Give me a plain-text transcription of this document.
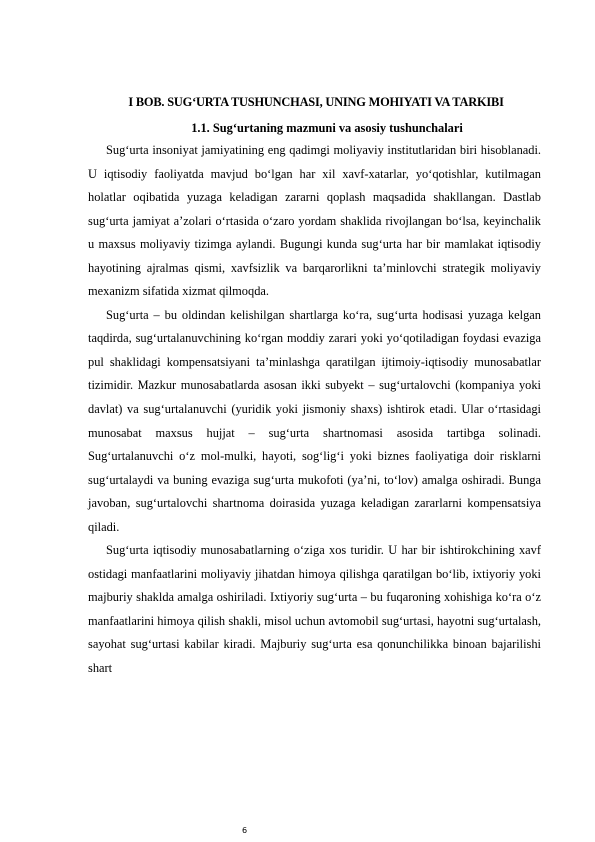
I BOB. SUG‘URTA TUSHUNCHASI, UNING MOHIYATI VA TARKIBI
1.1. Sug‘urtaning mazmuni va asosiy tushunchalari

Sug‘urta insoniyat jamiyatining eng qadimgi moliyaviy institutlaridan biri hisoblanadi. U iqtisodiy faoliyatda mavjud bo‘lgan har xil xavf-xatarlar, yo‘qotishlar, kutilmagan holatlar oqibatida yuzaga keladigan zararni qoplash maqsadida shakllangan. Dastlab sug‘urta jamiyat a’zolari o‘rtasida o‘zaro yordam shaklida rivojlangan bo‘lsa, keyinchalik u maxsus moliyaviy tizimga aylandi. Bugungi kunda sug‘urta har bir mamlakat iqtisodiy hayotining ajralmas qismi, xavfsizlik va barqarorlikni ta’minlovchi strategik moliyaviy mexanizm sifatida xizmat qilmoqda.

Sug‘urta – bu oldindan kelishilgan shartlarga ko‘ra, sug‘urta hodisasi yuzaga kelgan taqdirda, sug‘urtalanuvchining ko‘rgan moddiy zarari yoki yo‘qotiladigan foydasi evaziga pul shaklidagi kompensatsiyani ta’minlashga qaratilgan ijtimoiy-iqtisodiy munosabatlar tizimidir. Mazkur munosabatlarda asosan ikki subyekt – sug‘urtalovchi (kompaniya yoki davlat) va sug‘urtalanuvchi (yuridik yoki jismoniy shaxs) ishtirok etadi. Ular o‘rtasidagi munosabat maxsus hujjat – sug‘urta shartnomasi asosida tartibga solinadi. Sug‘urtalanuvchi o‘z mol-mulki, hayoti, sog‘lig‘i yoki biznes faoliyatiga doir risklarni sug‘urtalaydi va buning evaziga sug‘urta mukofoti (ya’ni, to‘lov) amalga oshiradi. Bunga javoban, sug‘urtalovchi shartnoma doirasida yuzaga keladigan zararlarni kompensatsiya qiladi.

Sug‘urta iqtisodiy munosabatlarning o‘ziga xos turidir. U har bir ishtirokchining xavf ostidagi manfaatlarini moliyaviy jihatdan himoya qilishga qaratilgan bo‘lib, ixtiyoriy yoki majburiy shaklda amalga oshiriladi. Ixtiyoriy sug‘urta – bu fuqaroning xohishiga ko‘ra o‘z manfaatlarini himoya qilish shakli, misol uchun avtomobil sug‘urtasi, hayotni sug‘urtalash, sayohat sug‘urtasi kabilar kiradi. Majburiy sug‘urta esa qonunchilikka binoan bajarilishi shart

6
